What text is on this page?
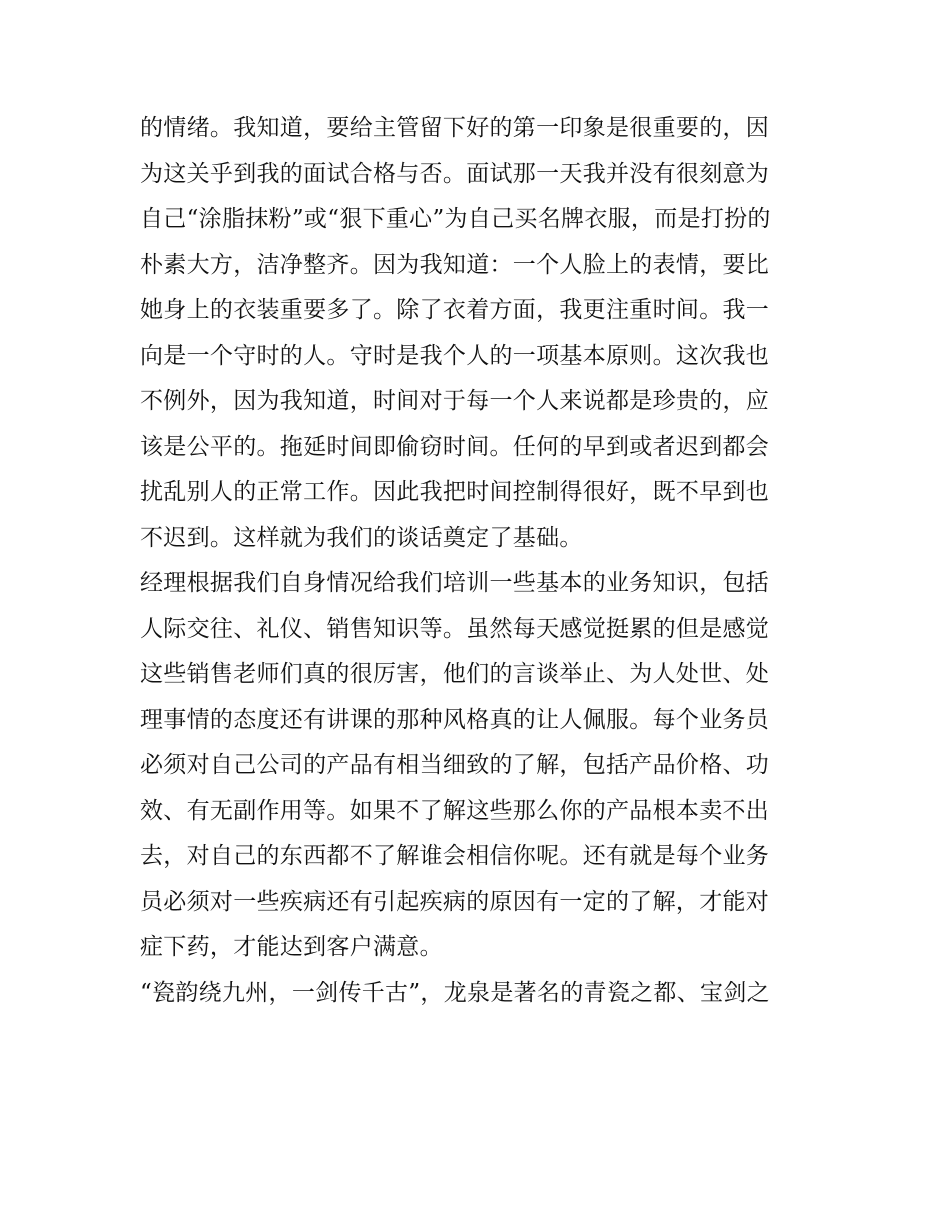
的情绪。我知道，要给主管留下好的第一印象是很重要的，因
为这关乎到我的面试合格与否。面试那一天我并没有很刻意为
自己“涂脂抹粉”或“狠下重心”为自己买名牌衣服，而是打扮的
朴素大方，洁净整齐。因为我知道：一个人脸上的表情，要比
她身上的衣装重要多了。除了衣着方面，我更注重时间。我一
向是一个守时的人。守时是我个人的一项基本原则。这次我也
不例外，因为我知道，时间对于每一个人来说都是珍贵的，应
该是公平的。拖延时间即偷窃时间。任何的早到或者迟到都会
扰乱别人的正常工作。因此我把时间控制得很好，既不早到也
不迟到。这样就为我们的谈话奠定了基础。
经理根据我们自身情况给我们培训一些基本的业务知识，包括
人际交往、礼仪、销售知识等。虽然每天感觉挺累的但是感觉
这些销售老师们真的很厉害，他们的言谈举止、为人处世、处
理事情的态度还有讲课的那种风格真的让人佩服。每个业务员
必须对自己公司的产品有相当细致的了解，包括产品价格、功
效、有无副作用等。如果不了解这些那么你的产品根本卖不出
去，对自己的东西都不了解谁会相信你呢。还有就是每个业务
员必须对一些疾病还有引起疾病的原因有一定的了解，才能对
症下药，才能达到客户满意。
“瓷韵绕九州，一剑传千古”，龙泉是著名的青瓷之都、宝剑之
